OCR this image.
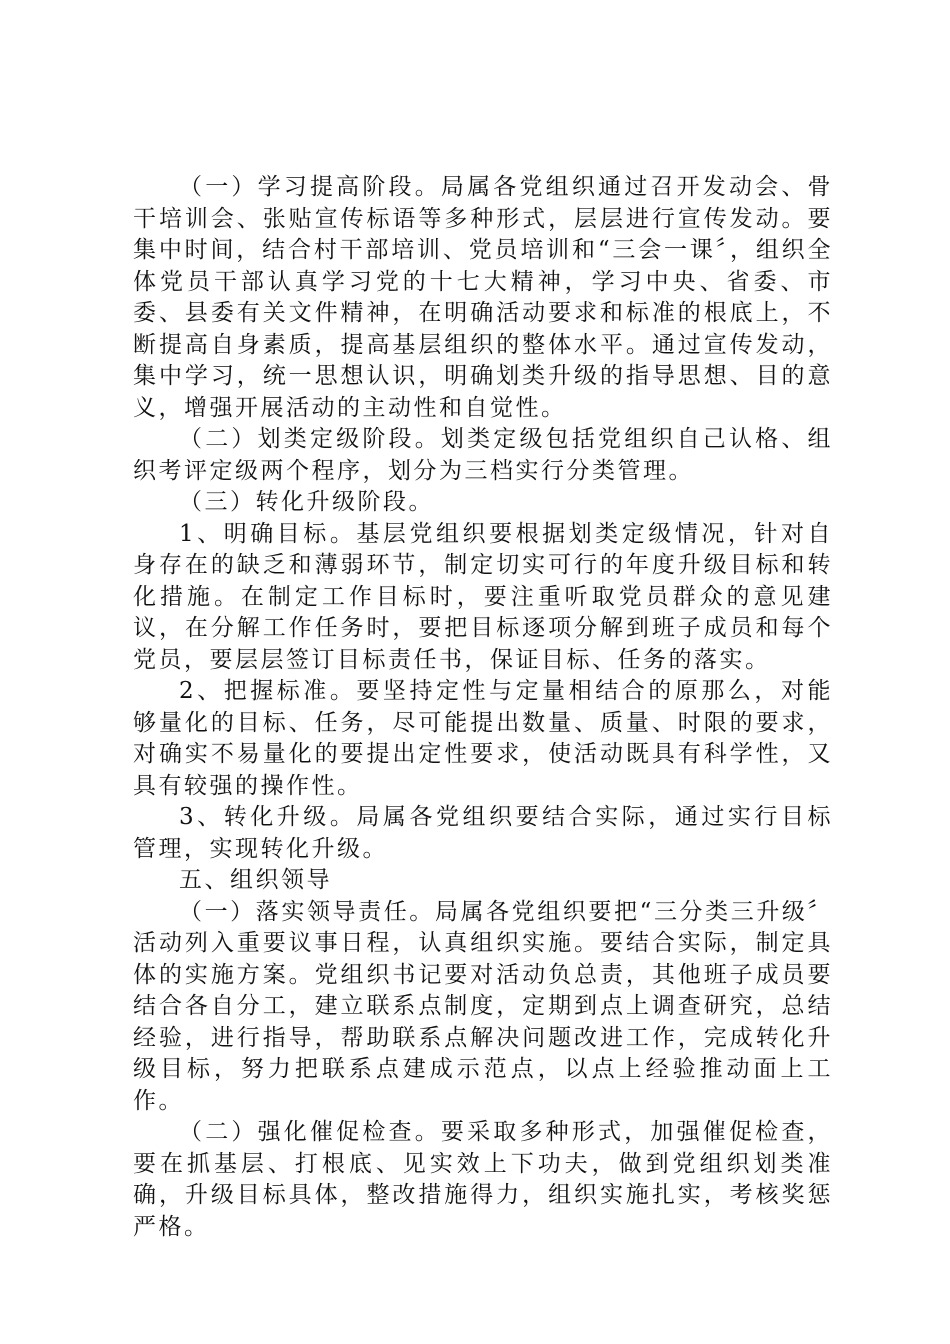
（一）学习提高阶段。局属各党组织通过召开发动会、骨干培训会、张贴宣传标语等多种形式，层层进行宣传发动。要集中时间，结合村干部培训、党员培训和“三会一课〞，组织全体党员干部认真学习党的十七大精神，学习中央、省委、市委、县委有关文件精神，在明确活动要求和标准的根底上，不断提高自身素质，提高基层组织的整体水平。通过宣传发动，集中学习，统一思想认识，明确划类升级的指导思想、目的意义，增强开展活动的主动性和自觉性。

（二）划类定级阶段。划类定级包括党组织自己认格、组织考评定级两个程序，划分为三档实行分类管理。

（三）转化升级阶段。

1、明确目标。基层党组织要根据划类定级情况，针对自身存在的缺乏和薄弱环节，制定切实可行的年度升级目标和转化措施。在制定工作目标时，要注重听取党员群众的意见建议，在分解工作任务时，要把目标逐项分解到班子成员和每个党员，要层层签订目标责任书，保证目标、任务的落实。

2、把握标准。要坚持定性与定量相结合的原那么，对能够量化的目标、任务，尽可能提出数量、质量、时限的要求，对确实不易量化的要提出定性要求，使活动既具有科学性，又具有较强的操作性。

3、转化升级。局属各党组织要结合实际，通过实行目标管理，实现转化升级。

五、组织领导

（一）落实领导责任。局属各党组织要把“三分类三升级〞活动列入重要议事日程，认真组织实施。要结合实际，制定具体的实施方案。党组织书记要对活动负总责，其他班子成员要结合各自分工，建立联系点制度，定期到点上调查研究，总结经验，进行指导，帮助联系点解决问题改进工作，完成转化升级目标，努力把联系点建成示范点，以点上经验推动面上工作。

（二）强化催促检查。要采取多种形式，加强催促检查，要在抓基层、打根底、见实效上下功夫，做到党组织划类准确，升级目标具体，整改措施得力，组织实施扎实，考核奖惩严格。
